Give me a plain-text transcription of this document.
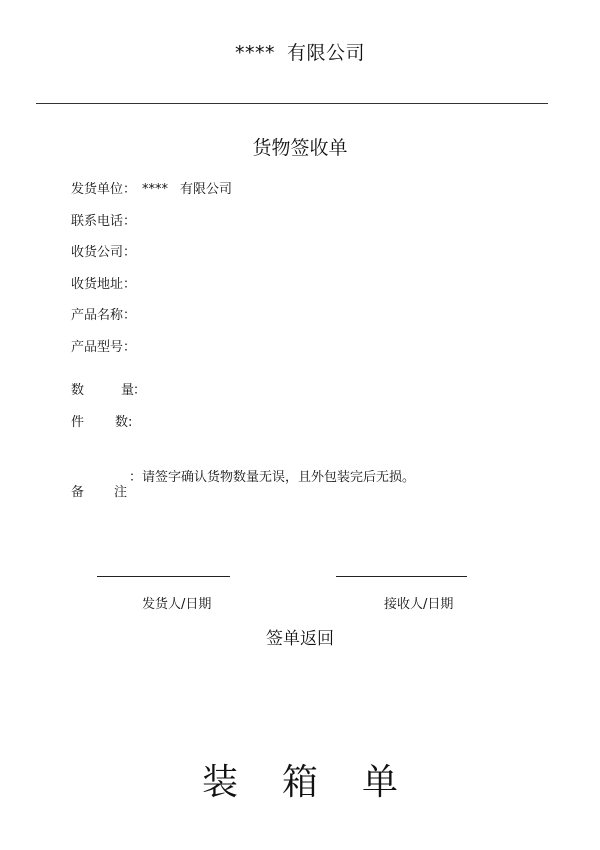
**** 有限公司
货物签收单
发货单位： **** 有限公司
联系电话：
收货公司：
收货地址：
产品名称：
产品型号：
数	量
：
件 数 :
备 注
：请签字确认货物数量无误，且外包装完后无损。
发货人/日期	接收人/日期
签单返回
装箱单
